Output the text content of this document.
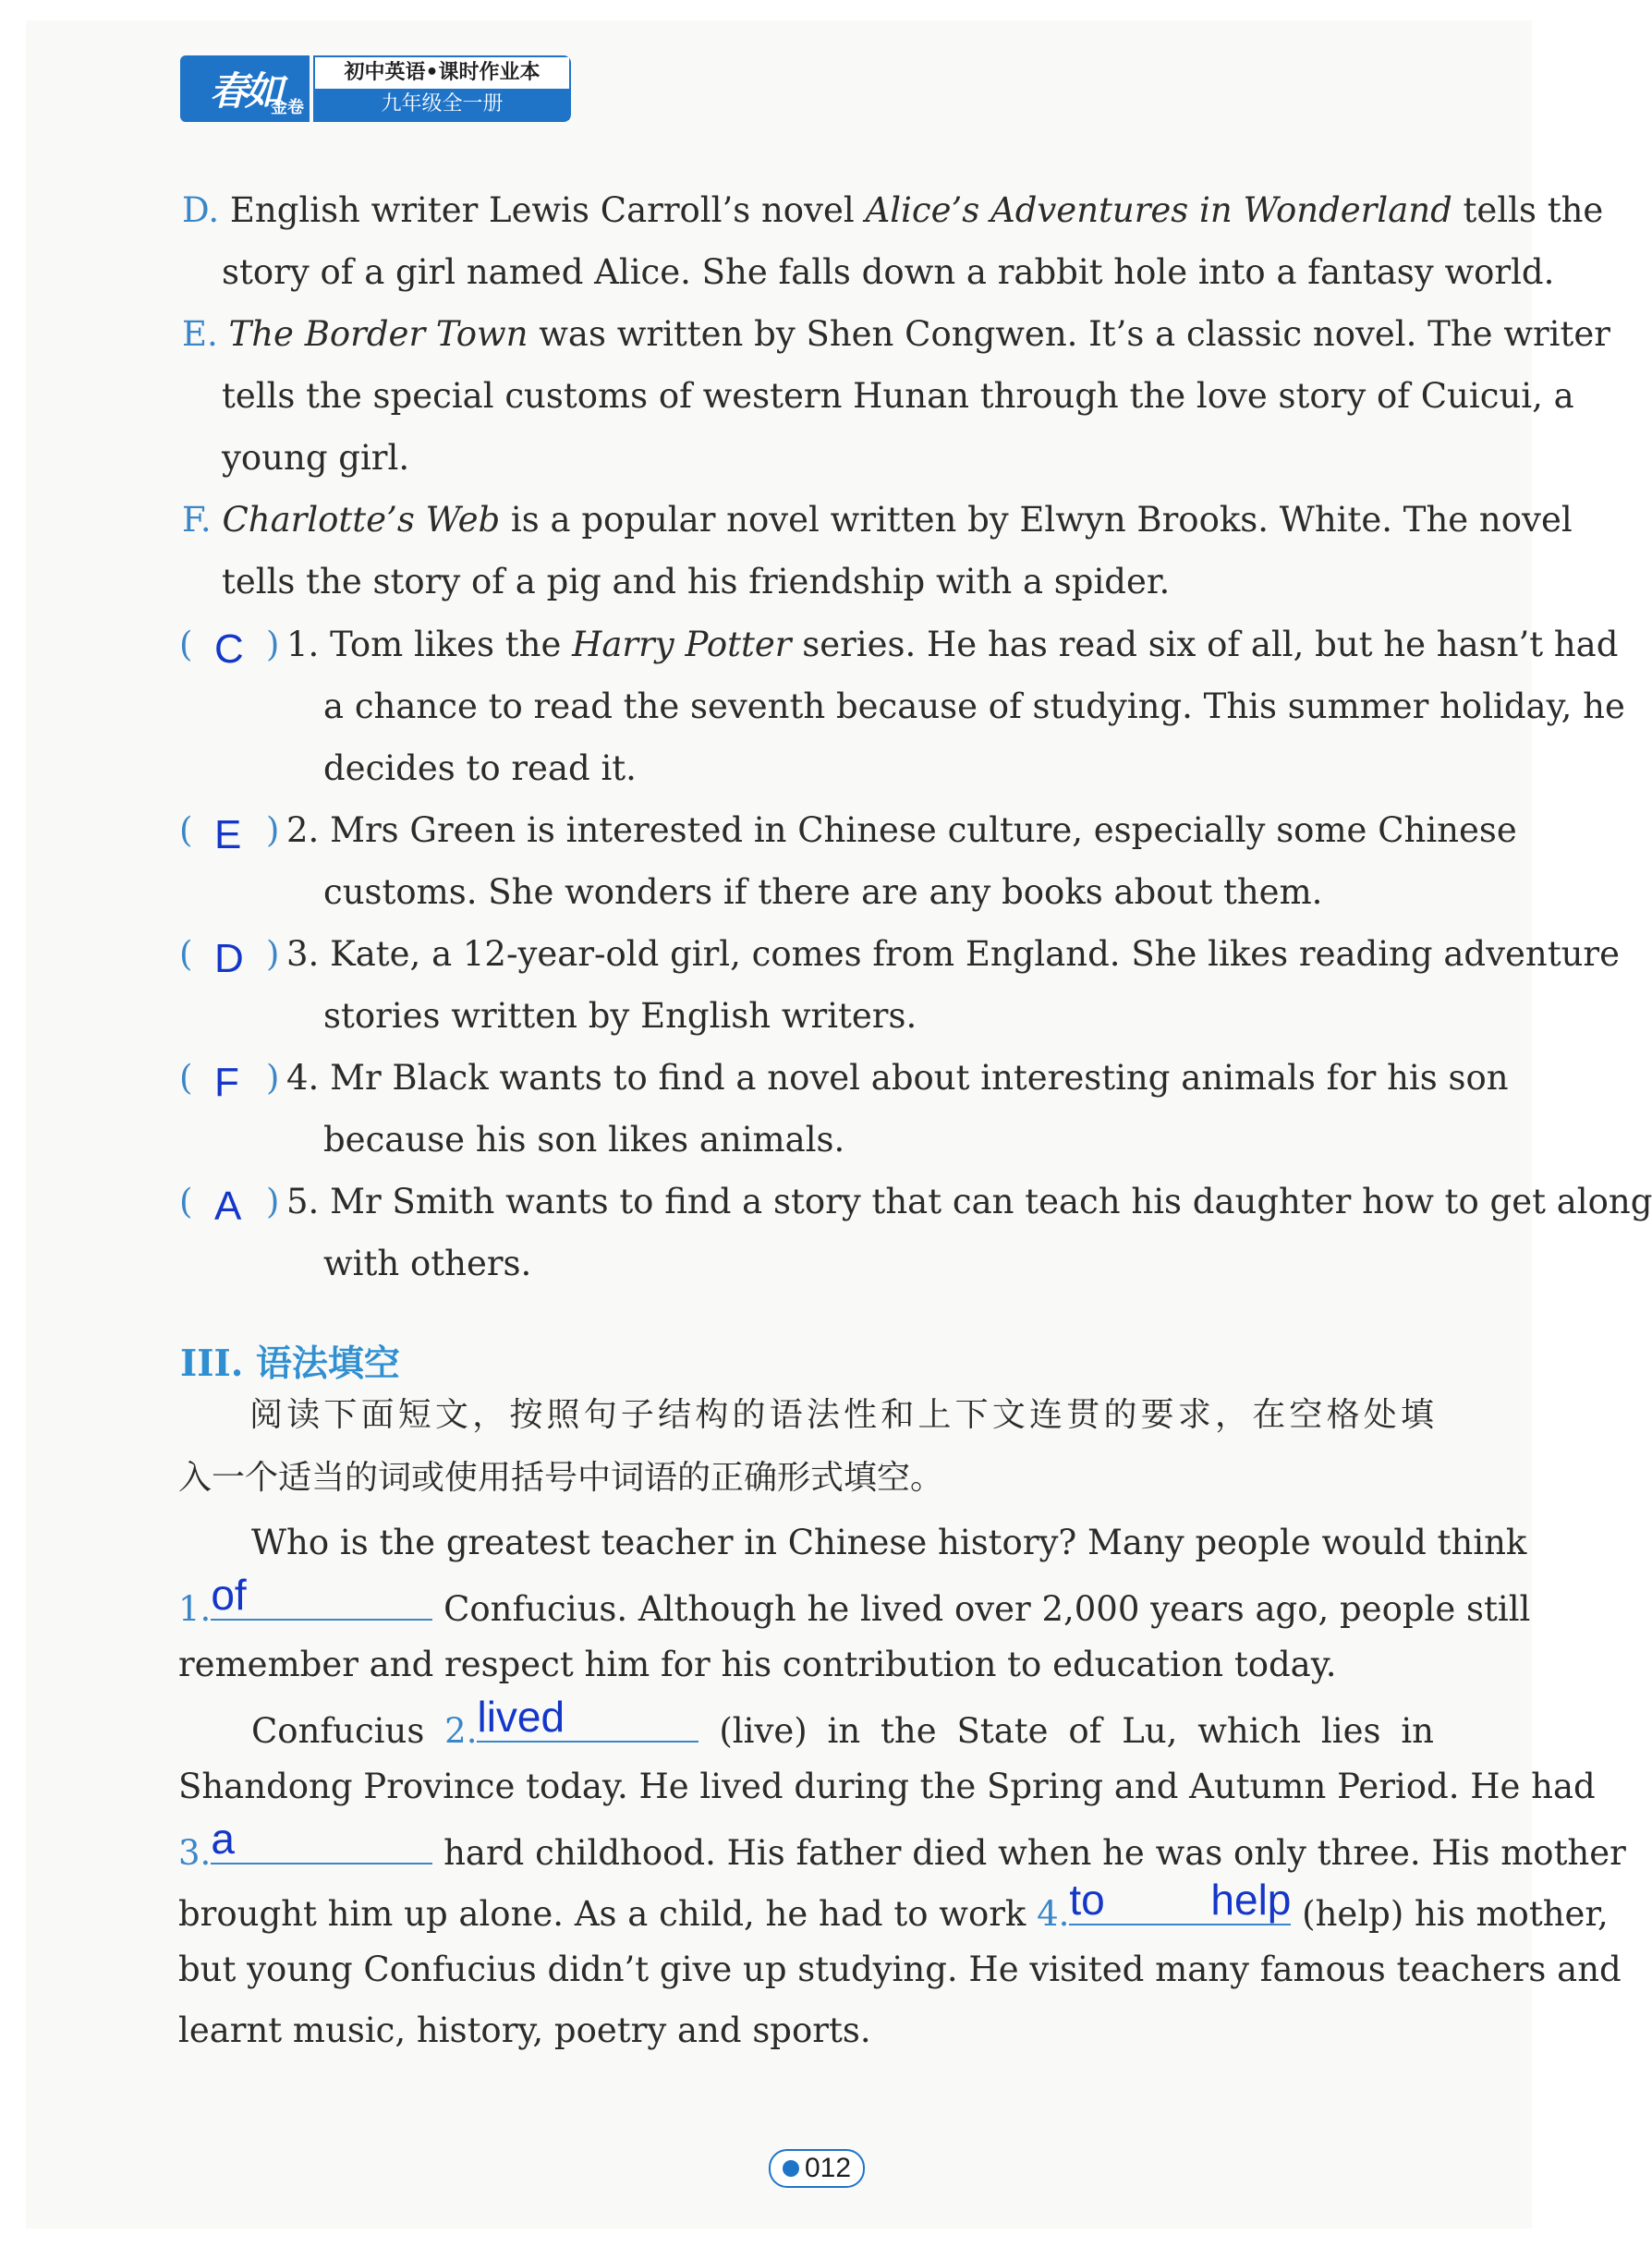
春如
金卷
初中英语•课时作业本
九年级全一册
D. English writer Lewis Carroll’s novel Alice’s Adventures in Wonderland tells the
story of a girl named Alice. She falls down a rabbit hole into a fantasy world.
E. The Border Town was written by Shen Congwen. It’s a classic novel. The writer
tells the special customs of western Hunan through the love story of Cuicui, a
young girl.
F. Charlotte’s Web is a popular novel written by Elwyn Brooks. White. The novel
tells the story of a pig and his friendship with a spider.
( C ) 1. Tom likes the Harry Potter series. He has read six of all, but he hasn’t had
a chance to read the seventh because of studying. This summer holiday, he
decides to read it.
( E ) 2. Mrs Green is interested in Chinese culture, especially some Chinese
customs. She wonders if there are any books about them.
( D ) 3. Kate, a 12-year-old girl, comes from England. She likes reading adventure
stories written by English writers.
( F ) 4. Mr Black wants to find a novel about interesting animals for his son
because his son likes animals.
( A ) 5. Mr Smith wants to find a story that can teach his daughter how to get along
with others.
III. 语法填空
阅读下面短文，按照句子结构的语法性和上下文连贯的要求，在空格处填
入一个适当的词或使用括号中词语的正确形式填空。
Who is the greatest teacher in Chinese history? Many people would think
1. of	Confucius. Although he lived over 2,000 years ago, people still
remember and respect him for his contribution to education today.
Confucius 2. lived	(live) in the State of Lu, which lies in
Shandong Province today. He lived during the Spring and Autumn Period. He had
3. a	hard childhood. His father died when he was only three. His mother
brought him up alone. As a child, he had to work 4. to help (help) his mother,
but young Confucius didn’t give up studying. He visited many famous teachers and
learnt music, history, poetry and sports.
012
